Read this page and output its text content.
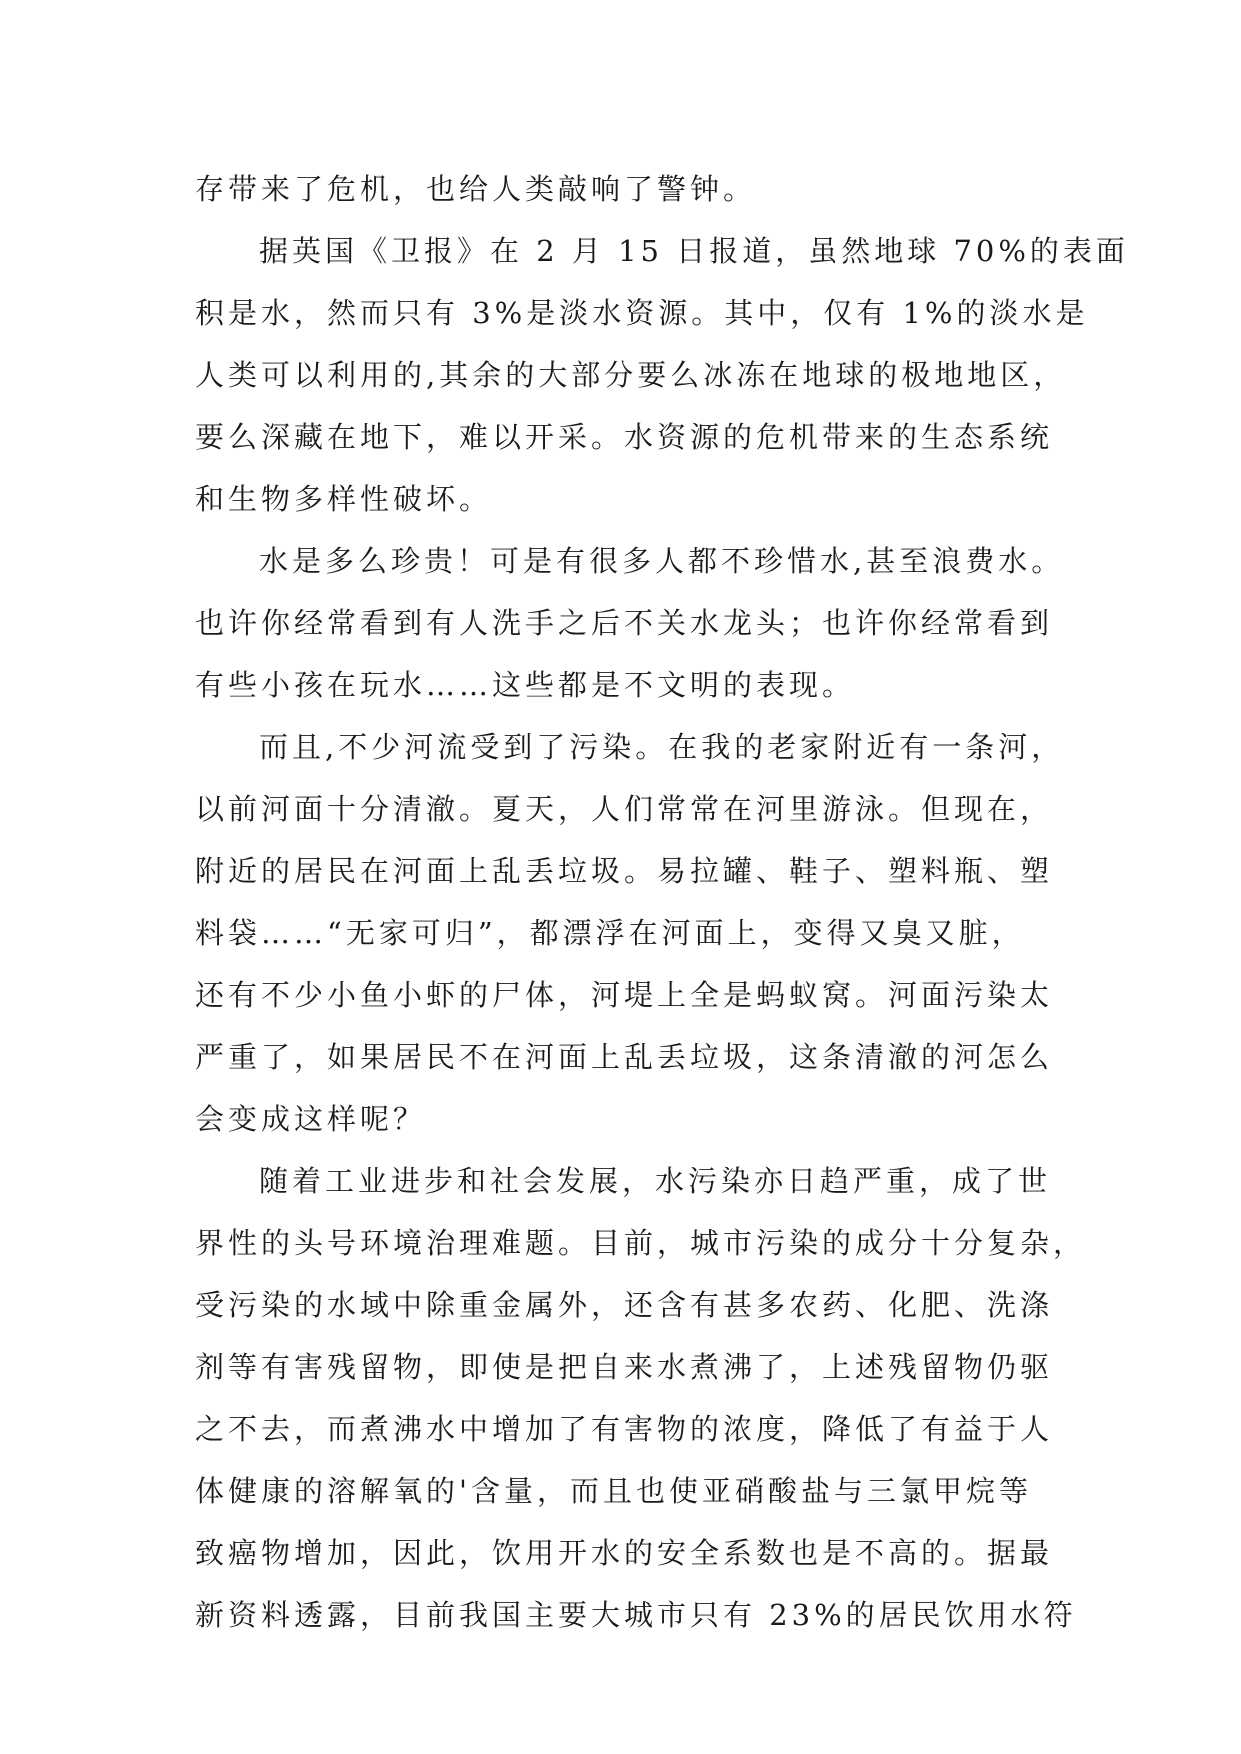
存带来了危机，也给人类敲响了警钟。
据英国《卫报》在 2 月 15 日报道，虽然地球 70%的表面
积是水，然而只有 3%是淡水资源。其中，仅有 1%的淡水是
人类可以利用的,其余的大部分要么冰冻在地球的极地地区，
要么深藏在地下，难以开采。水资源的危机带来的生态系统
和生物多样性破坏。
水是多么珍贵！可是有很多人都不珍惜水,甚至浪费水。
也许你经常看到有人洗手之后不关水龙头；也许你经常看到
有些小孩在玩水……这些都是不文明的表现。
而且,不少河流受到了污染。在我的老家附近有一条河，
以前河面十分清澈。夏天，人们常常在河里游泳。但现在，
附近的居民在河面上乱丢垃圾。易拉罐、鞋子、塑料瓶、塑
料袋……“无家可归”，都漂浮在河面上，变得又臭又脏，
还有不少小鱼小虾的尸体，河堤上全是蚂蚁窝。河面污染太
严重了，如果居民不在河面上乱丢垃圾，这条清澈的河怎么
会变成这样呢？
随着工业进步和社会发展，水污染亦日趋严重，成了世
界性的头号环境治理难题。目前，城市污染的成分十分复杂，
受污染的水域中除重金属外，还含有甚多农药、化肥、洗涤
剂等有害残留物，即使是把自来水煮沸了，上述残留物仍驱
之不去，而煮沸水中增加了有害物的浓度，降低了有益于人
体健康的溶解氧的'含量，而且也使亚硝酸盐与三氯甲烷等
致癌物增加，因此，饮用开水的安全系数也是不高的。据最
新资料透露，目前我国主要大城市只有 23%的居民饮用水符
